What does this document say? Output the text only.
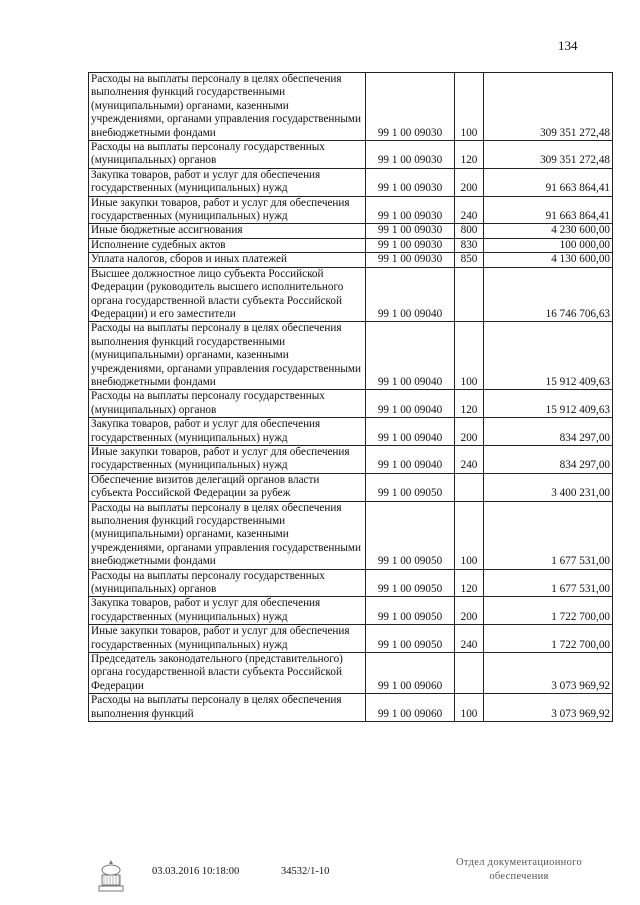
134
Расходы на выплаты персоналу в целях обеспечения выполнения функций государственными (муниципальными) органами, казенными учреждениями, органами управления государственными внебюджетными фондами	99 1 00 09030	100	309 351 272,48
Расходы на выплаты персоналу государственных (муниципальных) органов	99 1 00 09030	120	309 351 272,48
Закупка товаров, работ и услуг для обеспечения государственных (муниципальных) нужд	99 1 00 09030	200	91 663 864,41
Иные закупки товаров, работ и услуг для обеспечения государственных (муниципальных) нужд	99 1 00 09030	240	91 663 864,41
Иные бюджетные ассигнования	99 1 00 09030	800	4 230 600,00
Исполнение судебных актов	99 1 00 09030	830	100 000,00
Уплата налогов, сборов и иных платежей	99 1 00 09030	850	4 130 600,00
Высшее должностное лицо субъекта Российской Федерации (руководитель высшего исполнительного органа государственной власти субъекта Российской Федерации) и его заместители	99 1 00 09040		16 746 706,63
Расходы на выплаты персоналу в целях обеспечения выполнения функций государственными (муниципальными) органами, казенными учреждениями, органами управления государственными внебюджетными фондами	99 1 00 09040	100	15 912 409,63
Расходы на выплаты персоналу государственных (муниципальных) органов	99 1 00 09040	120	15 912 409,63
Закупка товаров, работ и услуг для обеспечения государственных (муниципальных) нужд	99 1 00 09040	200	834 297,00
Иные закупки товаров, работ и услуг для обеспечения государственных (муниципальных) нужд	99 1 00 09040	240	834 297,00
Обеспечение визитов делегаций органов власти субъекта Российской Федерации за рубеж	99 1 00 09050		3 400 231,00
Расходы на выплаты персоналу в целях обеспечения выполнения функций государственными (муниципальными) органами, казенными учреждениями, органами управления государственными внебюджетными фондами	99 1 00 09050	100	1 677 531,00
Расходы на выплаты персоналу государственных (муниципальных) органов	99 1 00 09050	120	1 677 531,00
Закупка товаров, работ и услуг для обеспечения государственных (муниципальных) нужд	99 1 00 09050	200	1 722 700,00
Иные закупки товаров, работ и услуг для обеспечения государственных (муниципальных) нужд	99 1 00 09050	240	1 722 700,00
Председатель законодательного (представительного) органа государственной власти субъекта Российской Федерации	99 1 00 09060		3 073 969,92
Расходы на выплаты персоналу в целях обеспечения выполнения функций	99 1 00 09060	100	3 073 969,92
03.03.2016 10:18:00	34532/1-10
Отдел документационного
обеспечения
